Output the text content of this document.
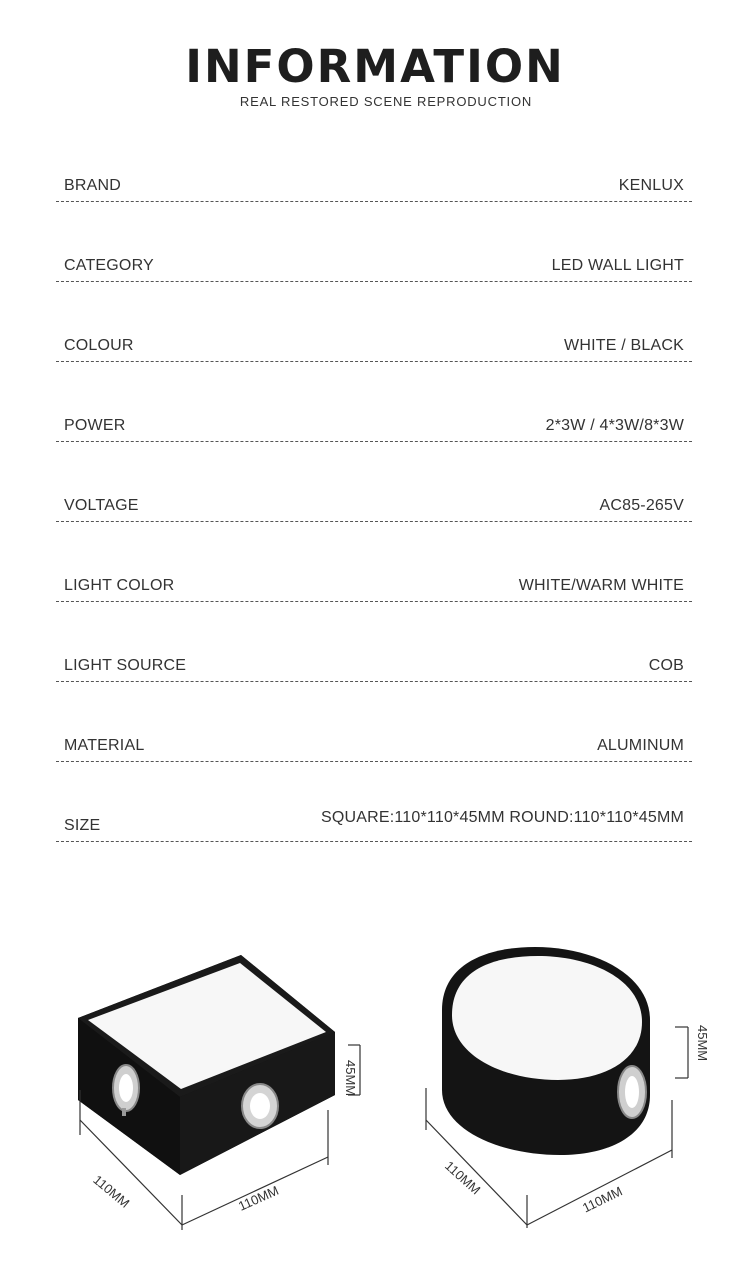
INFORMATION
REAL RESTORED SCENE REPRODUCTION
BRAND	KENLUX
CATEGORY	LED WALL LIGHT
COLOUR	WHITE / BLACK
POWER	2*3W / 4*3W/8*3W
VOLTAGE	AC85-265V
LIGHT COLOR	WHITE/WARM WHITE
LIGHT SOURCE	COB
MATERIAL	ALUMINUM
SIZE	SQUARE:110*110*45MM ROUND:110*110*45MM
45MM
110MM	110MM
45MM
110MM
110MM
